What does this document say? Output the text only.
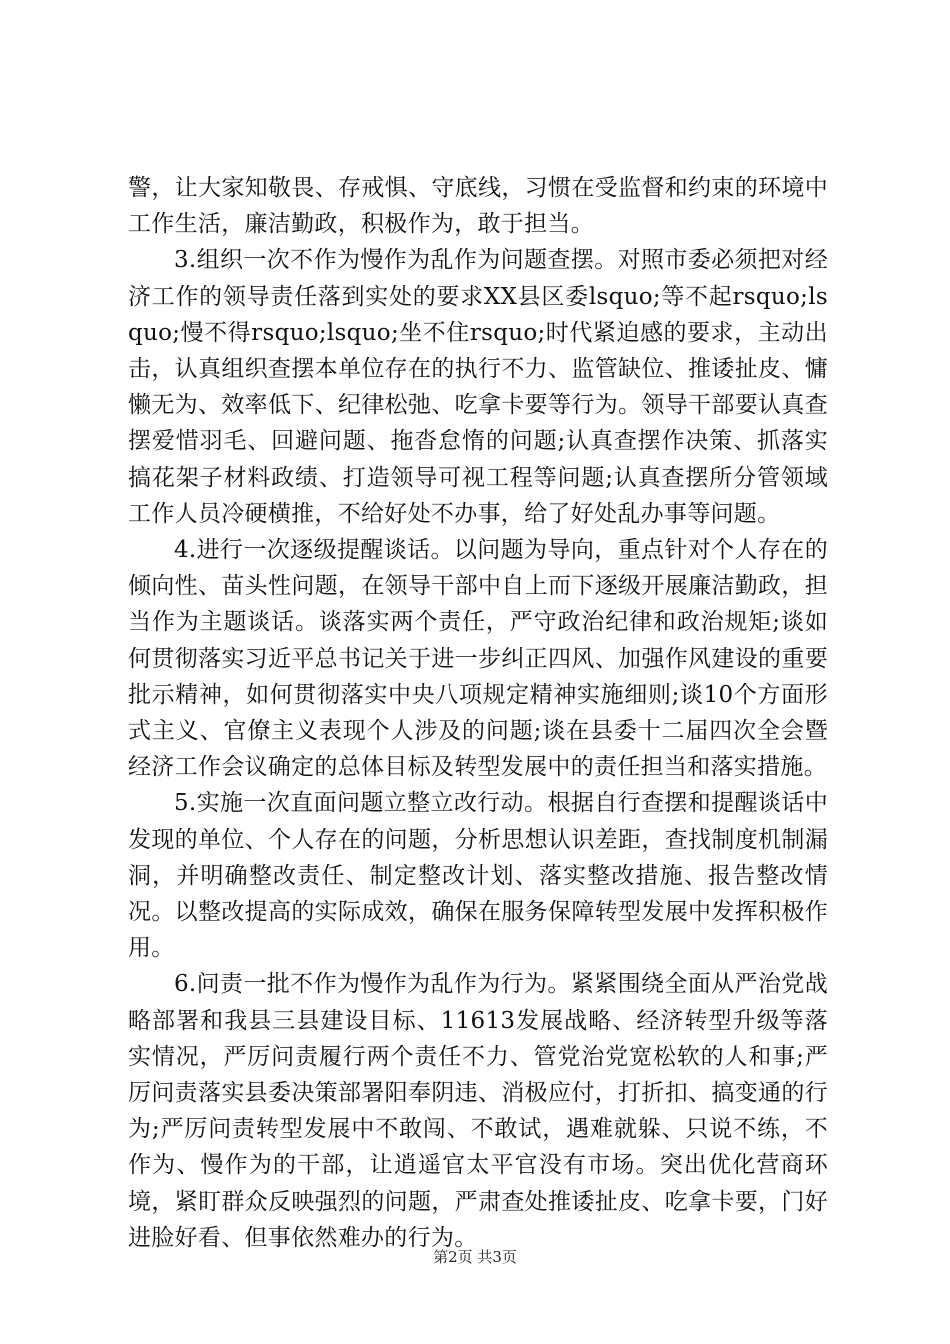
警，让大家知敬畏、存戒惧、守底线，习惯在受监督和约束的环境中工作生活，廉洁勤政，积极作为，敢于担当。

3.组织一次不作为慢作为乱作为问题查摆。对照市委必须把对经济工作的领导责任落到实处的要求XX县区委lsquo;等不起rsquo;lsquo;慢不得rsquo;lsquo;坐不住rsquo;时代紧迫感的要求，主动出击，认真组织查摆本单位存在的执行不力、监管缺位、推诿扯皮、慵懒无为、效率低下、纪律松弛、吃拿卡要等行为。领导干部要认真查摆爱惜羽毛、回避问题、拖沓怠惰的问题;认真查摆作决策、抓落实搞花架子材料政绩、打造领导可视工程等问题;认真查摆所分管领域工作人员冷硬横推，不给好处不办事，给了好处乱办事等问题。

4.进行一次逐级提醒谈话。以问题为导向，重点针对个人存在的倾向性、苗头性问题，在领导干部中自上而下逐级开展廉洁勤政，担当作为主题谈话。谈落实两个责任，严守政治纪律和政治规矩;谈如何贯彻落实习近平总书记关于进一步纠正四风、加强作风建设的重要批示精神，如何贯彻落实中央八项规定精神实施细则;谈10个方面形式主义、官僚主义表现个人涉及的问题;谈在县委十二届四次全会暨经济工作会议确定的总体目标及转型发展中的责任担当和落实措施。

5.实施一次直面问题立整立改行动。根据自行查摆和提醒谈话中发现的单位、个人存在的问题，分析思想认识差距，查找制度机制漏洞，并明确整改责任、制定整改计划、落实整改措施、报告整改情况。以整改提高的实际成效，确保在服务保障转型发展中发挥积极作用。

6.问责一批不作为慢作为乱作为行为。紧紧围绕全面从严治党战略部署和我县三县建设目标、11613发展战略、经济转型升级等落实情况，严厉问责履行两个责任不力、管党治党宽松软的人和事;严厉问责落实县委决策部署阳奉阴违、消极应付，打折扣、搞变通的行为;严厉问责转型发展中不敢闯、不敢试，遇难就躲、只说不练，不作为、慢作为的干部，让逍遥官太平官没有市场。突出优化营商环境，紧盯群众反映强烈的问题，严肃查处推诿扯皮、吃拿卡要，门好进脸好看、但事依然难办的行为。

第2页 共3页
